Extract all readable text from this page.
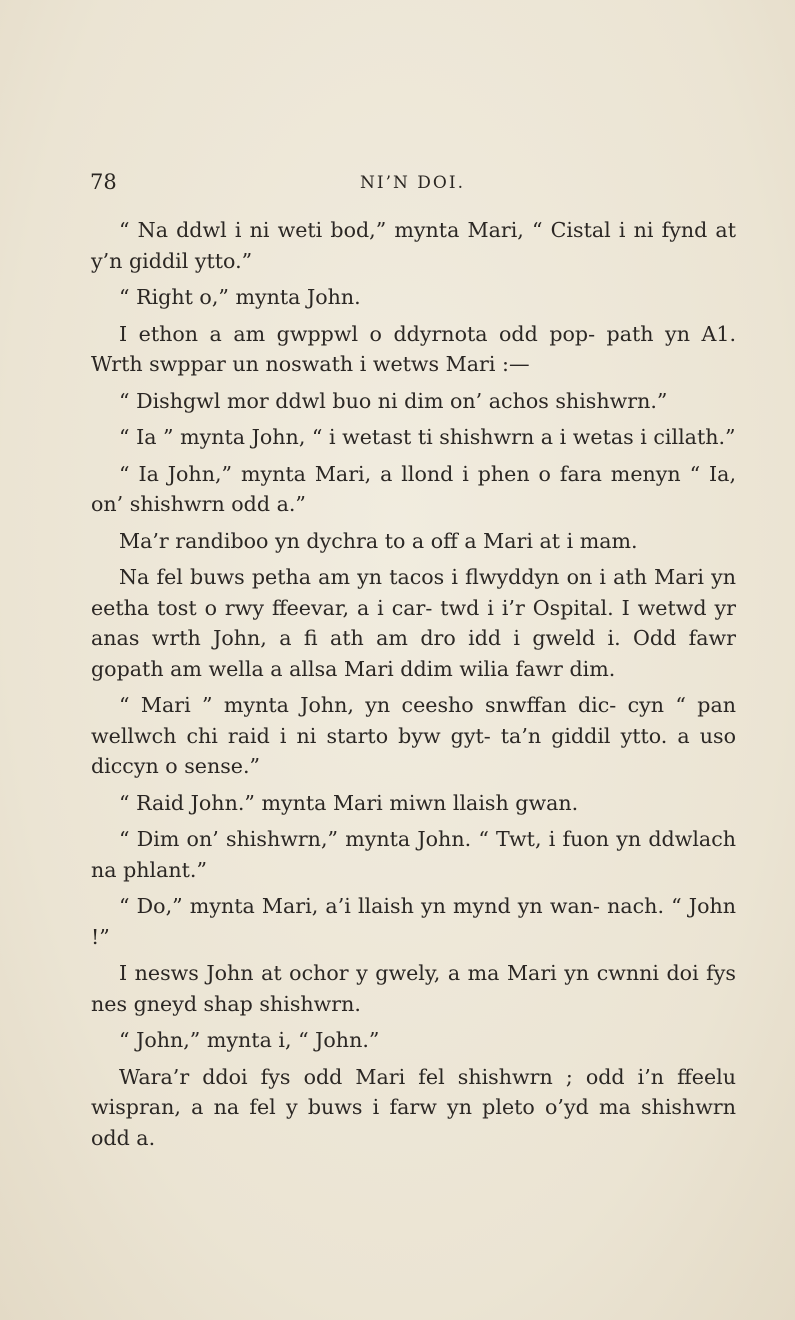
78	NI’N DOI.

“ Na ddwl i ni weti bod,” mynta Mari, “ Cistal i ni fynd at y’n giddil ytto.”

“ Right o,” mynta John.

I ethon a am gwppwl o ddyrnota odd pop- path yn A1. Wrth swppar un noswath i wetws Mari :—

“ Dishgwl mor ddwl buo ni dim on’ achos shishwrn.”

“ Ia ” mynta John, “ i wetast ti shishwrn a i wetas i cillath.”

“ Ia John,” mynta Mari, a llond i phen o fara menyn “ Ia, on’ shishwrn odd a.”

Ma’r randiboo yn dychra to a off a Mari at i mam.

Na fel buws petha am yn tacos i flwyddyn on i ath Mari yn eetha tost o rwy ffeevar, a i car- twd i i’r Ospital. I wetwd yr anas wrth John, a fi ath am dro idd i gweld i. Odd fawr gopath am wella a allsa Mari ddim wilia fawr dim.

“ Mari ” mynta John, yn ceesho snwffan dic- cyn “ pan wellwch chi raid i ni starto byw gyt- ta’n giddil ytto. a uso diccyn o sense.”

“ Raid John.” mynta Mari miwn llaish gwan.

“ Dim on’ shishwrn,” mynta John. “ Twt, i fuon yn ddwlach na phlant.”

“ Do,” mynta Mari, a’i llaish yn mynd yn wan- nach. “ John !”

I nesws John at ochor y gwely, a ma Mari yn cwnni doi fys nes gneyd shap shishwrn.

“ John,” mynta i, “ John.”

Wara’r ddoi fys odd Mari fel shishwrn ; odd i’n ffeelu wispran, a na fel y buws i farw yn pleto o’yd ma shishwrn odd a.
